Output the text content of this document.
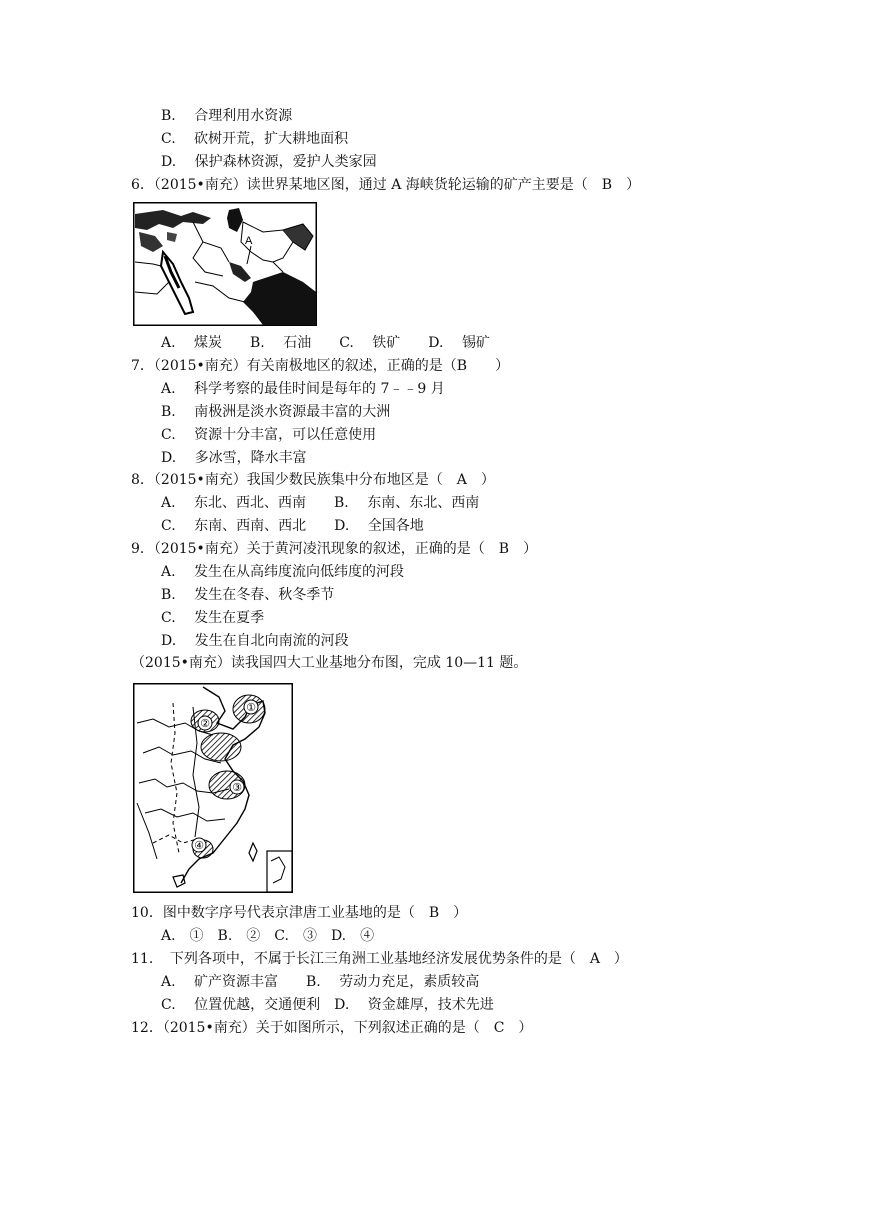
B.　 合理利用水资源
C.　 砍树开荒，扩大耕地面积
D.　 保护森林资源，爱护人类家园
6．（2015•南充）读世界某地区图，通过 A 海峡货轮运输的矿产主要是（　B　）
A
A.　 煤炭　　B.　 石油　　C.　 铁矿　　D.　 锡矿
7．（2015•南充）有关南极地区的叙述，正确的是（B　　）
A.　 科学考察的最佳时间是每年的 7﹣﹣9 月
B.　 南极洲是淡水资源最丰富的大洲
C.　 资源十分丰富，可以任意使用
D.　 多冰雪，降水丰富
8．（2015•南充）我国少数民族集中分布地区是（　A　）
A.　 东北、西北、西南　　B.　 东南、东北、西南
C.　 东南、西南、西北　　D.　 全国各地
9．（2015•南充）关于黄河凌汛现象的叙述，正确的是（　B　）
A.　 发生在从高纬度流向低纬度的河段
B.　 发生在冬春、秋冬季节
C.　 发生在夏季
D.　 发生在自北向南流的河段
（2015•南充）读我国四大工业基地分布图，完成 10—11 题。
①
②
③
④
10．图中数字序号代表京津唐工业基地的是（　B　）
A.　①　B.　②　C.　③　D.　④
11．　下列各项中，不属于长江三角洲工业基地经济发展优势条件的是（　A　）
A.　 矿产资源丰富　　B.　 劳动力充足，素质较高
C.　 位置优越，交通便利　D.　 资金雄厚，技术先进
12．（2015•南充）关于如图所示，下列叙述正确的是（　C　）
